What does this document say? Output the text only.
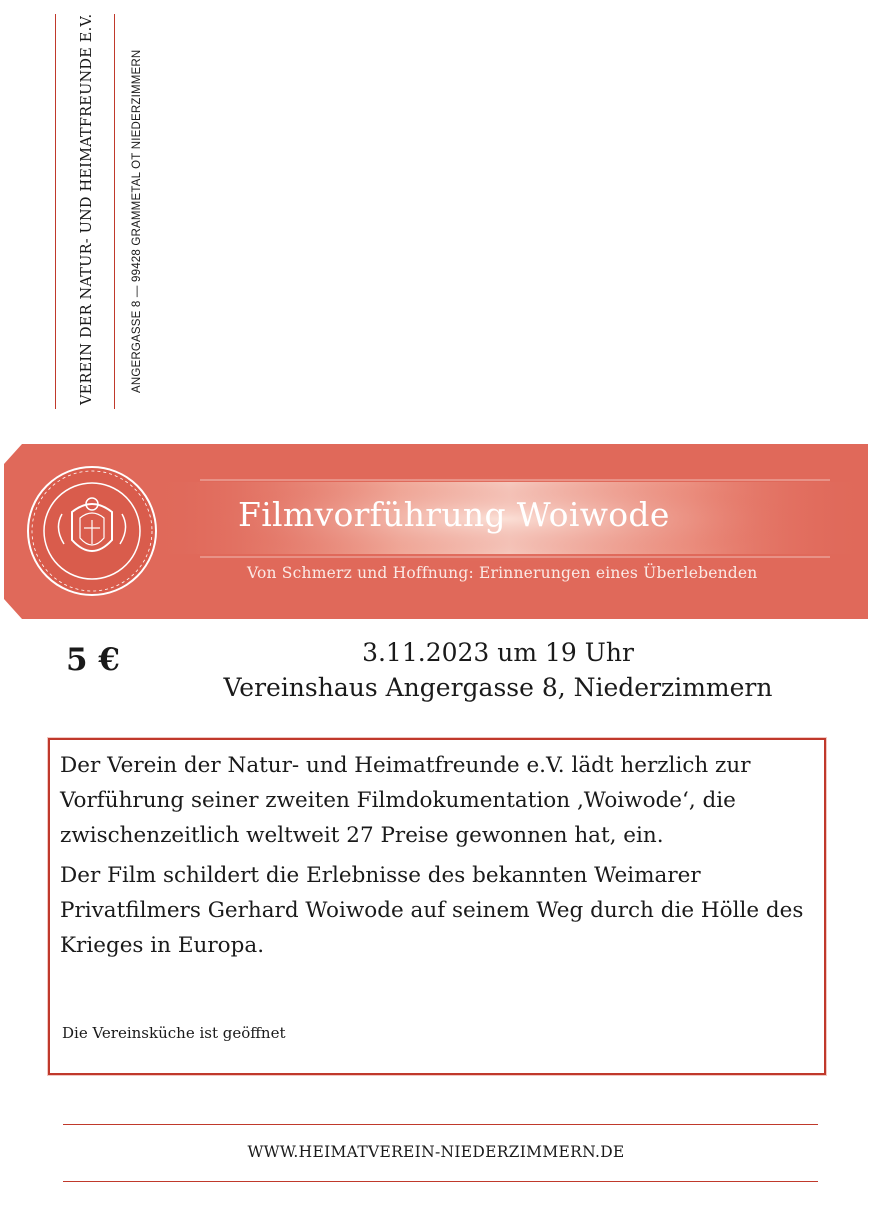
VEREIN DER NATUR- UND HEIMATFREUNDE E.V.	ANGERGASSE 8 — 99428 GRAMMETAL OT NIEDERZIMMERN
Filmvorführung Woiwode
Von Schmerz und Hoffnung: Erinnerungen eines Überlebenden
5 €	3.11.2023 um 19 Uhr
Vereinshaus Angergasse 8, Niederzimmern
Der Verein der Natur- und Heimatfreunde e.V. lädt herzlich zur Vorführung seiner zweiten Filmdokumentation ‚Woiwode‘, die zwischenzeitlich weltweit 27 Preise gewonnen hat, ein.
Der Film schildert die Erlebnisse des bekannten Weimarer Privatfilmers Gerhard Woiwode auf seinem Weg durch die Hölle des Krieges in Europa.
Die Vereinsküche ist geöffnet
WWW.HEIMATVEREIN-NIEDERZIMMERN.DE
